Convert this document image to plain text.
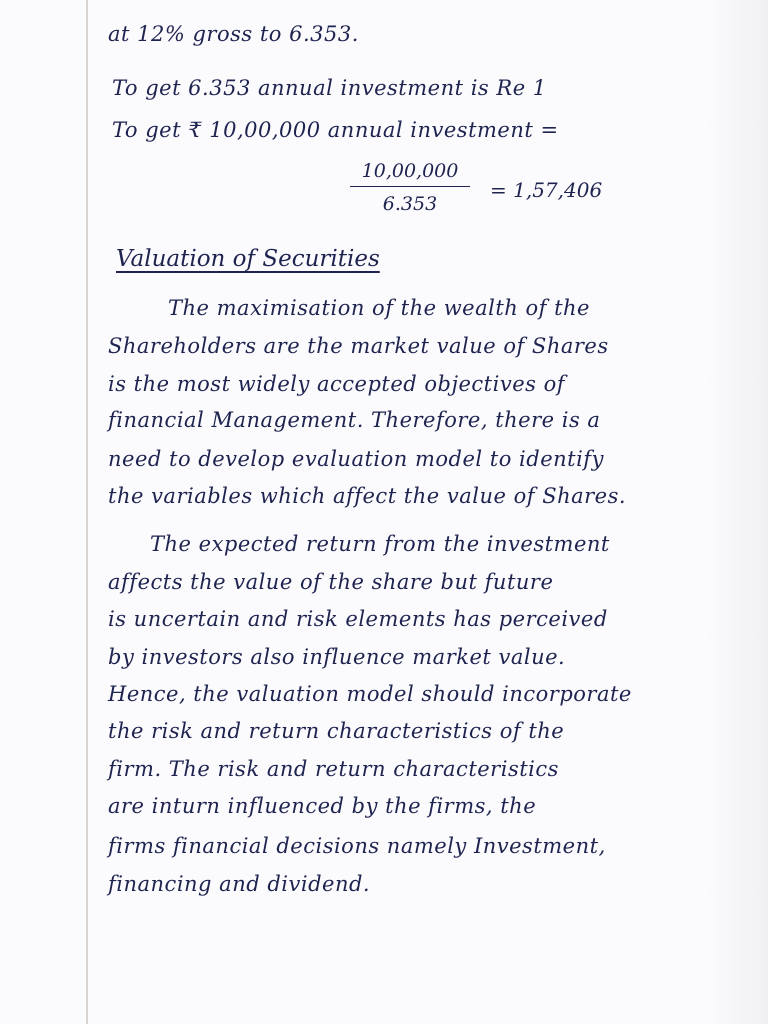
at 12% gross to 6.353.
To get 6.353 annual investment is Re 1
To get ₹ 10,00,000 annual investment =
$\frac{10,00,000}{6.353} = 1,57,406$
Valuation of Securities
The maximisation of the wealth of the
Shareholders are the market value of Shares
is the most widely accepted objectives of
financial Management. Therefore, there is a
need to develop evaluation model to identify
the variables which affect the value of Shares.
The expected return from the investment
affects the value of the share but future
is uncertain and risk elements has perceived
by investors also influence market value.
Hence, the valuation model should incorporate
the risk and return characteristics of the
firm. The risk and return characteristics
are inturn influenced by the firms, the
firms financial decisions namely Investment,
financing and dividend.
